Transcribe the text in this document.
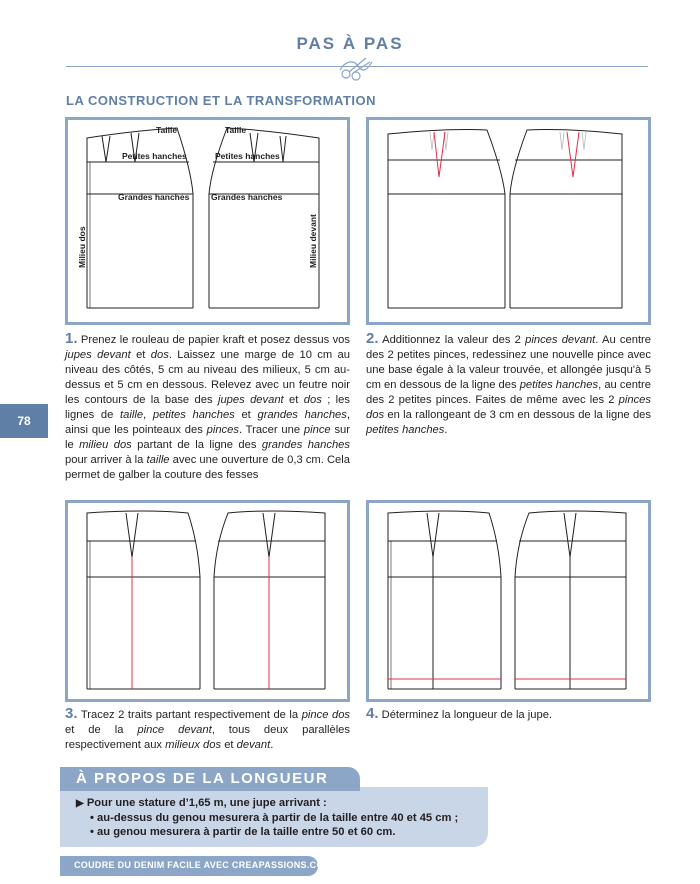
PAS À PAS
LA CONSTRUCTION ET LA TRANSFORMATION
78
Taille	Taille
Petites hanches	Petites hanches
Grandes hanches	Grandes hanches
Milieu dos	Milieu devant
1. Prenez le rouleau de papier kraft et posez dessus vos jupes devant et dos. Laissez une marge de 10 cm au niveau des côtés, 5 cm au niveau des milieux, 5 cm au-dessus et 5 cm en dessous. Relevez avec un feutre noir les contours de la base des jupes devant et dos ; les lignes de taille, petites hanches et grandes hanches, ainsi que les pointeaux des pinces. Tracer une pince sur le milieu dos partant de la ligne des grandes hanches pour arriver à la taille avec une ouverture de 0,3 cm. Cela permet de galber la couture des fesses
2. Additionnez la valeur des 2 pinces devant. Au centre des 2 petites pinces, redessinez une nouvelle pince avec une base égale à la valeur trouvée, et allongée jusqu'à 5 cm en dessous de la ligne des petites hanches, au centre des 2 petites pinces. Faites de même avec les 2 pinces dos en la rallongeant de 3 cm en dessous de la ligne des petites hanches.
3. Tracez 2 traits partant respectivement de la pince dos et de la pince devant, tous deux parallèles respectivement aux milieux dos et devant.
4. Déterminez la longueur de la jupe.
À PROPOS DE LA LONGUEUR
▶ Pour une stature d’1,65 m, une jupe arrivant :
• au-dessus du genou mesurera à partir de la taille entre 40 et 45 cm ;
• au genou mesurera à partir de la taille entre 50 et 60 cm.
COUDRE DU DENIM FACILE AVEC CREAPASSIONS.COM
